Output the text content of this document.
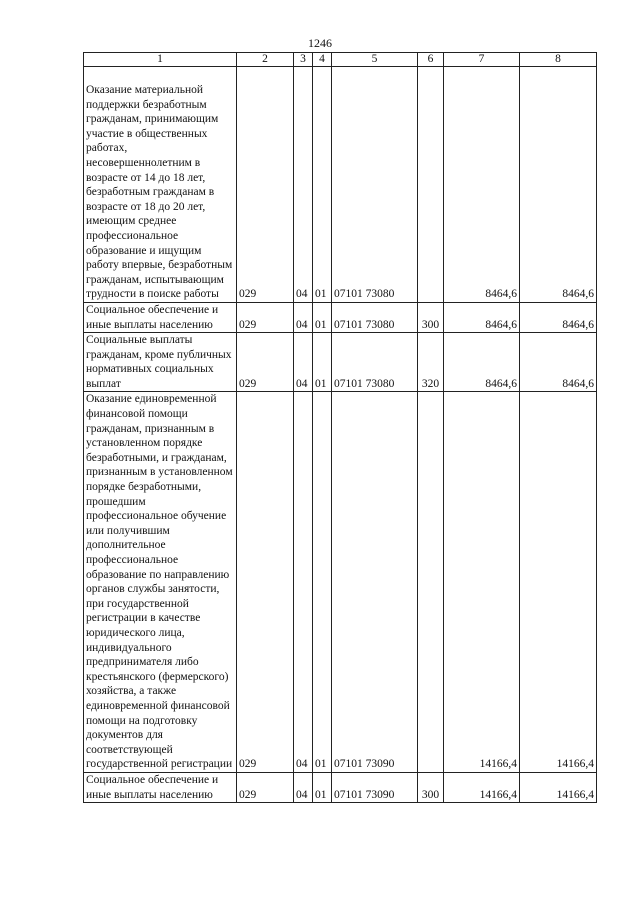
1246
1	2	3	4	5	6	7	8

Оказание материальной поддержки безработным гражданам, принимающим участие в общественных работах, несовершеннолетним в возрасте от 14 до 18 лет, безработным гражданам в возрасте от 18 до 20 лет, имеющим среднее профессиональное образование и ищущим работу впервые, безработным гражданам, испытывающим трудности в поиске работы	029	04	01	07101 73080		8464,6	8464,6
Социальное обеспечение и иные выплаты населению	029	04	01	07101 73080	300	8464,6	8464,6
Социальные выплаты гражданам, кроме публичных нормативных социальных выплат	029	04	01	07101 73080	320	8464,6	8464,6
Оказание единовременной финансовой помощи гражданам, признанным в установленном порядке безработными, и гражданам, признанным в установленном порядке безработными, прошедшим профессиональное обучение или получившим дополнительное профессиональное образование по направлению органов службы занятости, при государственной регистрации в качестве юридического лица, индивидуального предпринимателя либо крестьянского (фермерского) хозяйства, а также единовременной финансовой помощи на подготовку документов для соответствующей государственной регистрации	029	04	01	07101 73090		14166,4	14166,4
Социальное обеспечение и иные выплаты населению	029	04	01	07101 73090	300	14166,4	14166,4
